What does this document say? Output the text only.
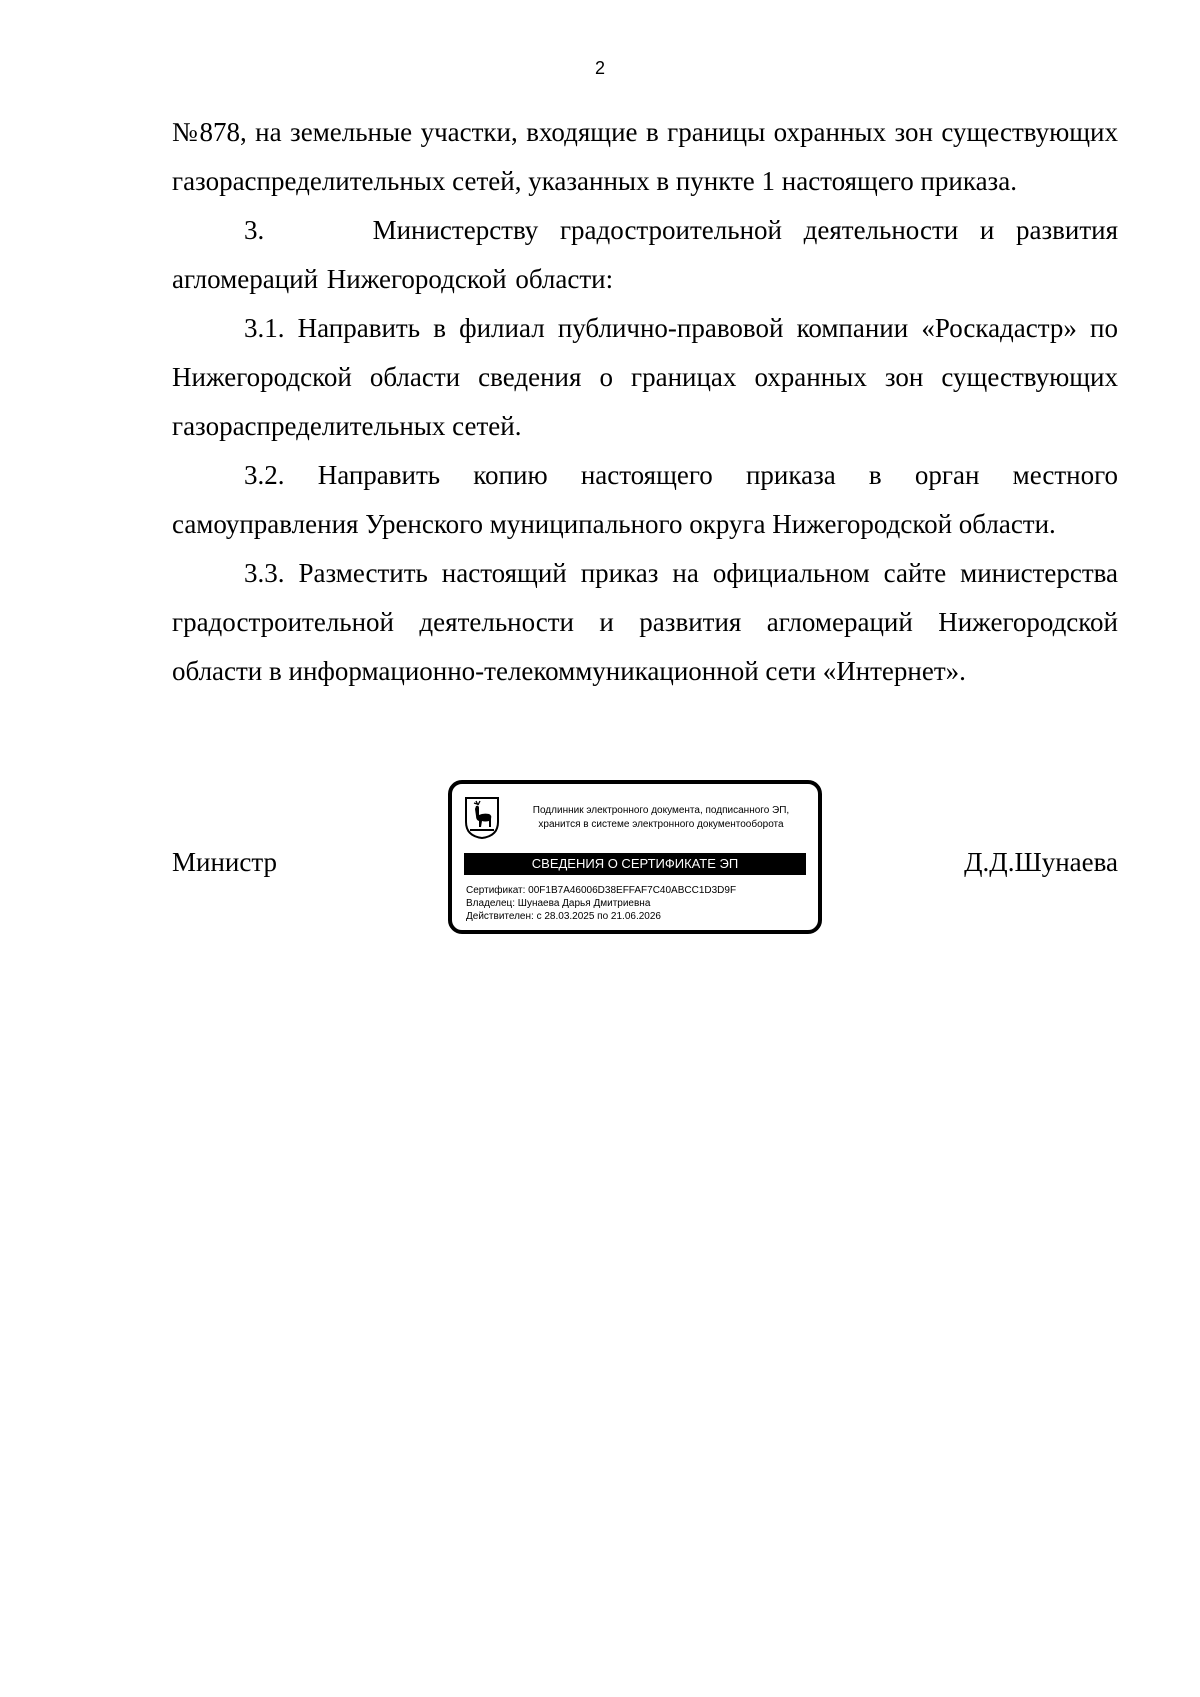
2

№878, на земельные участки, входящие в границы охранных зон существующих газораспределительных сетей, указанных в пункте 1 настоящего приказа.

3.     Министерству градостроительной деятельности и развития агломераций Нижегородской области:

3.1. Направить в филиал публично-правовой компании «Роскадастр» по Нижегородской области сведения о границах охранных зон существующих газораспределительных сетей.

3.2. Направить копию настоящего приказа в орган местного самоуправления Уренского муниципального округа Нижегородской области.

3.3. Разместить настоящий приказ на официальном сайте министерства градостроительной деятельности и развития агломераций Нижегородской области в информационно-телекоммуникационной сети «Интернет».

Министр
Подлинник электронного документа, подписанного ЭП,
хранится в системе электронного документооборота
СВЕДЕНИЯ О СЕРТИФИКАТЕ ЭП
Сертификат: 00F1B7A46006D38EFFAF7C40ABCC1D3D9F
Владелец: Шунаева Дарья Дмитриевна
Действителен: с 28.03.2025 по 21.06.2026
Д.Д.Шунаева
